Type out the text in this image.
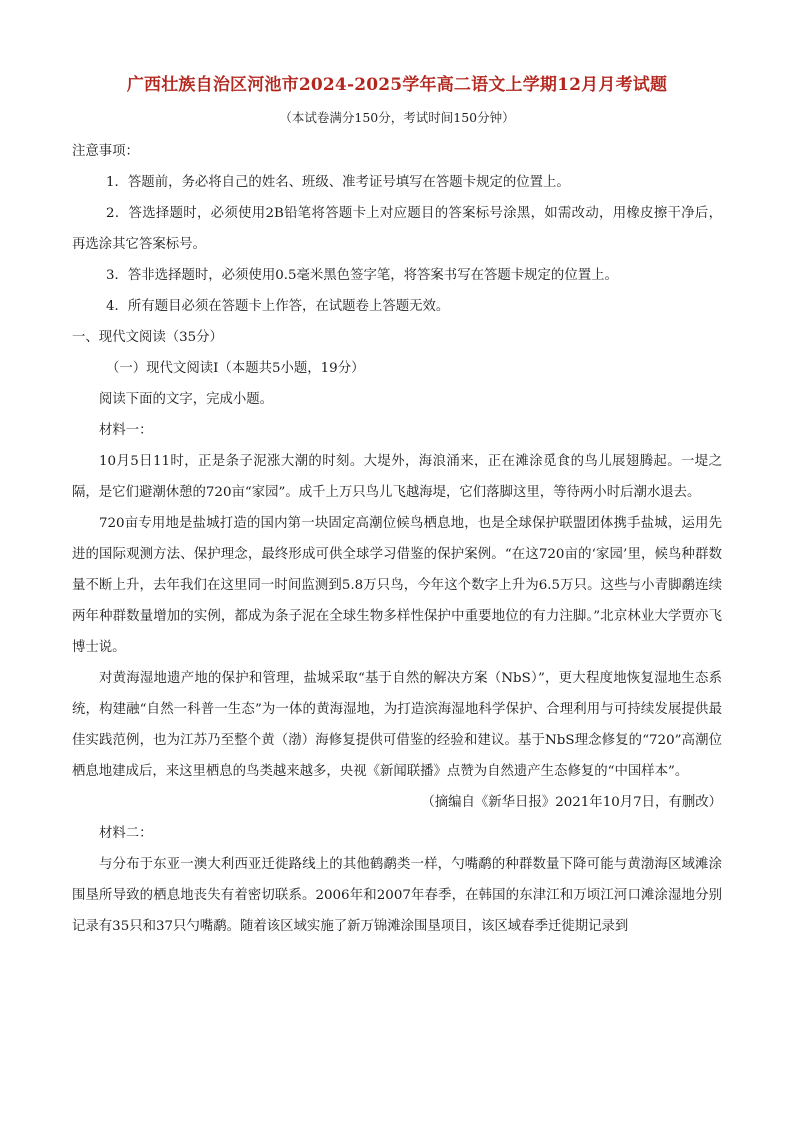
广西壮族自治区河池市2024-2025学年高二语文上学期12月月考试题
（本试卷满分150分，考试时间150分钟）

注意事项：

1．答题前，务必将自己的姓名、班级、准考证号填写在答题卡规定的位置上。

2．答选择题时，必须使用2B铅笔将答题卡上对应题目的答案标号涂黑，如需改动，用橡皮擦干净后，再选涂其它答案标号。

3．答非选择题时，必须使用0.5毫米黑色签字笔，将答案书写在答题卡规定的位置上。

4．所有题目必须在答题卡上作答，在试题卷上答题无效。

一、现代文阅读（35分）

（一）现代文阅读Ⅰ（本题共5小题，19分）

阅读下面的文字，完成小题。

材料一：

10月5日11时，正是条子泥涨大潮的时刻。大堤外，海浪涌来，正在滩涂觅食的鸟儿展翅腾起。一堤之隔，是它们避潮休憩的720亩“家园”。成千上万只鸟儿飞越海堤，它们落脚这里，等待两小时后潮水退去。

720亩专用地是盐城打造的国内第一块固定高潮位候鸟栖息地，也是全球保护联盟团体携手盐城，运用先进的国际观测方法、保护理念，最终形成可供全球学习借鉴的保护案例。“在这720亩的‘家园’里，候鸟种群数量不断上升，去年我们在这里同一时间监测到5.8万只鸟，今年这个数字上升为6.5万只。这些与小青脚鹬连续两年种群数量增加的实例，都成为条子泥在全球生物多样性保护中重要地位的有力注脚。”北京林业大学贾亦飞博士说。

对黄海湿地遗产地的保护和管理，盐城采取“基于自然的解决方案（NbS）”，更大程度地恢复湿地生态系统，构建融“自然一科普一生态”为一体的黄海湿地，为打造滨海湿地科学保护、合理利用与可持续发展提供最佳实践范例，也为江苏乃至整个黄（渤）海修复提供可借鉴的经验和建议。基于NbS理念修复的“720”高潮位栖息地建成后，来这里栖息的鸟类越来越多，央视《新闻联播》点赞为自然遗产生态修复的“中国样本”。

（摘编自《新华日报》2021年10月7日，有删改）

材料二：

与分布于东亚一澳大利西亚迁徙路线上的其他鹤鹬类一样，勺嘴鹬的种群数量下降可能与黄渤海区域滩涂围垦所导致的栖息地丧失有着密切联系。2006年和2007年春季，在韩国的东津江和万顷江河口滩涂湿地分别记录有35只和37只勺嘴鹬。随着该区域实施了新万锦滩涂围垦项目，该区域春季迁徙期记录到
